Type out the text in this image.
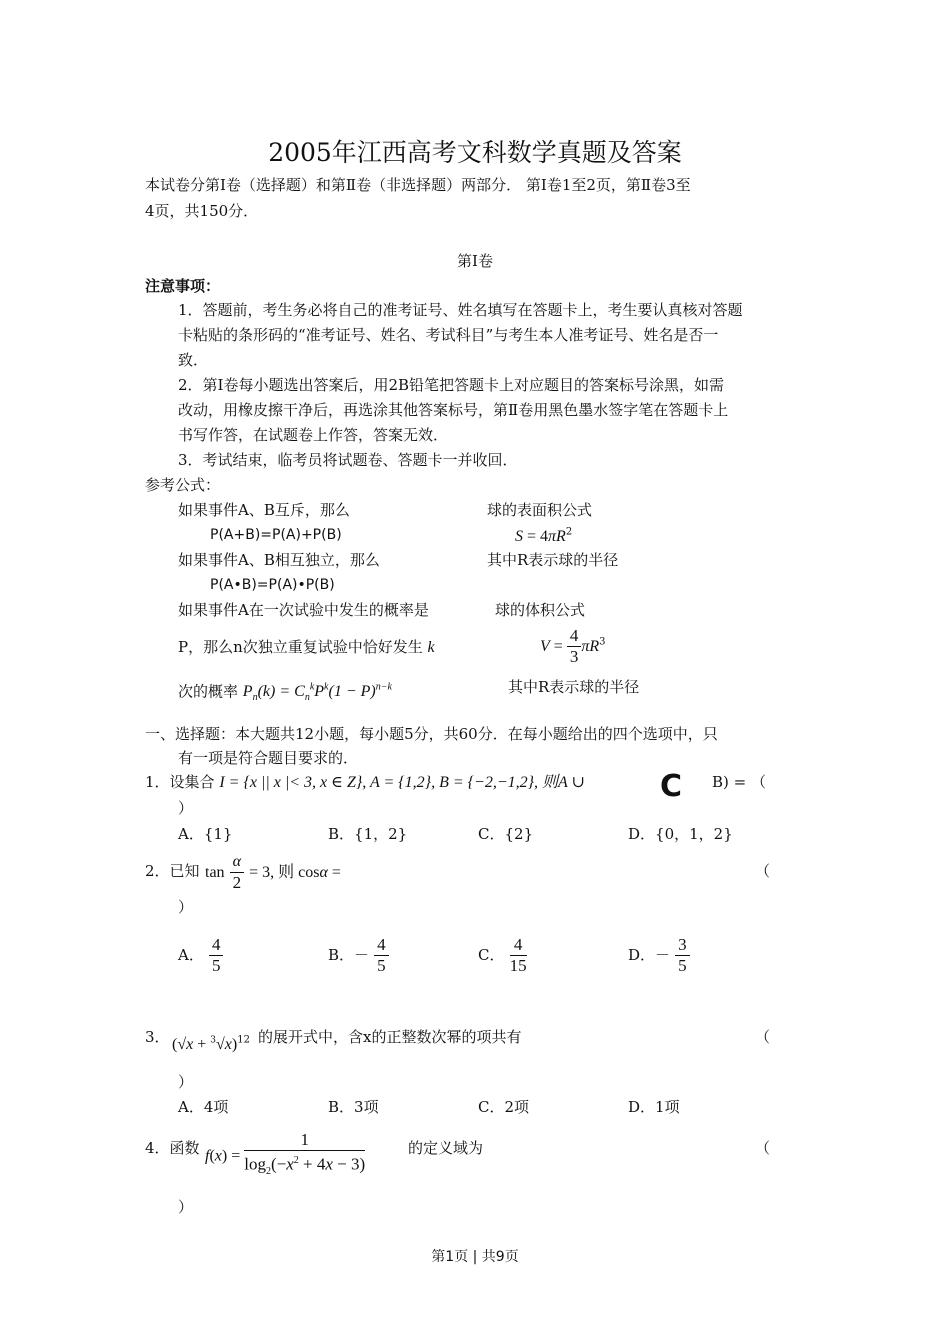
2005年江西高考文科数学真题及答案
本试卷分第Ⅰ卷（选择题）和第Ⅱ卷（非选择题）两部分． 第Ⅰ卷1至2页，第Ⅱ卷3至
4页，共150分．
第Ⅰ卷
注意事项：
1．答题前，考生务必将自己的准考证号、姓名填写在答题卡上，考生要认真核对答题
卡粘贴的条形码的“准考证号、姓名、考试科目”与考生本人准考证号、姓名是否一
致．
2．第Ⅰ卷每小题选出答案后，用2B铅笔把答题卡上对应题目的答案标号涂黑，如需
改动，用橡皮擦干净后，再选涂其他答案标号，第Ⅱ卷用黑色墨水签字笔在答题卡上
书写作答，在试题卷上作答，答案无效．
3．考试结束，临考员将试题卷、答题卡一并收回．
参考公式：
如果事件A、B互斥，那么
P(A+B)=P(A)+P(B)
如果事件A、B相互独立，那么
P(A•B)=P(A)•P(B)
如果事件A在一次试验中发生的概率是
P，那么n次独立重复试验中恰好发生 k
次的概率 $P_n(k) = C_n^kP^k(1 - P)^{n-k}$
球的表面积公式
$S = 4\pi R^2$
其中R表示球的半径
球的体积公式
$V = \frac{4}{3} \pi R^3$
其中R表示球的半径
一、选择题：本大题共12小题，每小题5分，共60分．在每小题给出的四个选项中，只
有一项是符合题目要求的．
1．设集合 I = {x || x |< 3, x ∈ Z}, A = {1,2}, B = {−2,−1,2}, 则A ∪	C B) = （
）
A．{1}	B．{1，2}	C．{2}	D．{0，1，2}
2．已知 $\tan \frac{\alpha}{2} = 3$, 则 cosα =	（
）
A． $\frac{4}{5}$	B．－ $\frac{4}{5}$	C． $\frac{4}{15}$	D．－ $\frac{3}{5}$
3． $(√x + ^3√x)^{12}$ 的展开式中，含x的正整数次幂的项共有	（
）
A．4项	B．3项	C．2项	D．1项
4．函数 $f(x) = \frac{1}{\log_2(-x^2 + 4x - 3)}$	的定义域为	（
）
第1页 | 共9页
